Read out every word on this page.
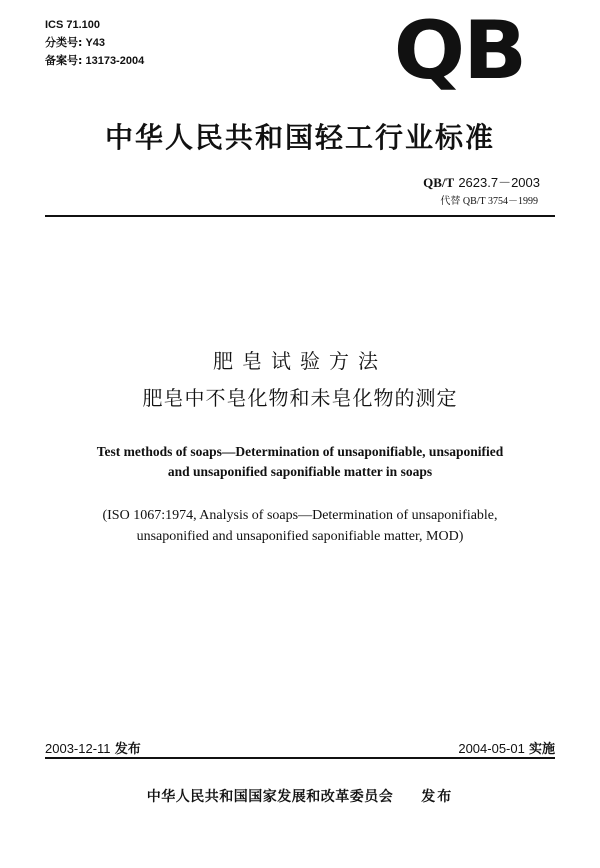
ICS 71.100
分类号: Y43
备案号: 13173-2004	QB
中华人民共和国轻工行业标准
QB/T 2623.7－2003
代替 QB/T 3754－1999
肥皂试验方法
肥皂中不皂化物和未皂化物的测定
Test methods of soaps—Determination of unsaponifiable, unsaponified
and unsaponified saponifiable matter in soaps
(ISO 1067:1974, Analysis of soaps—Determination of unsaponifiable,
unsaponified and unsaponified saponifiable matter, MOD)
2003-12-11 发布	2004-05-01 实施
中华人民共和国国家发展和改革委员会 发布
